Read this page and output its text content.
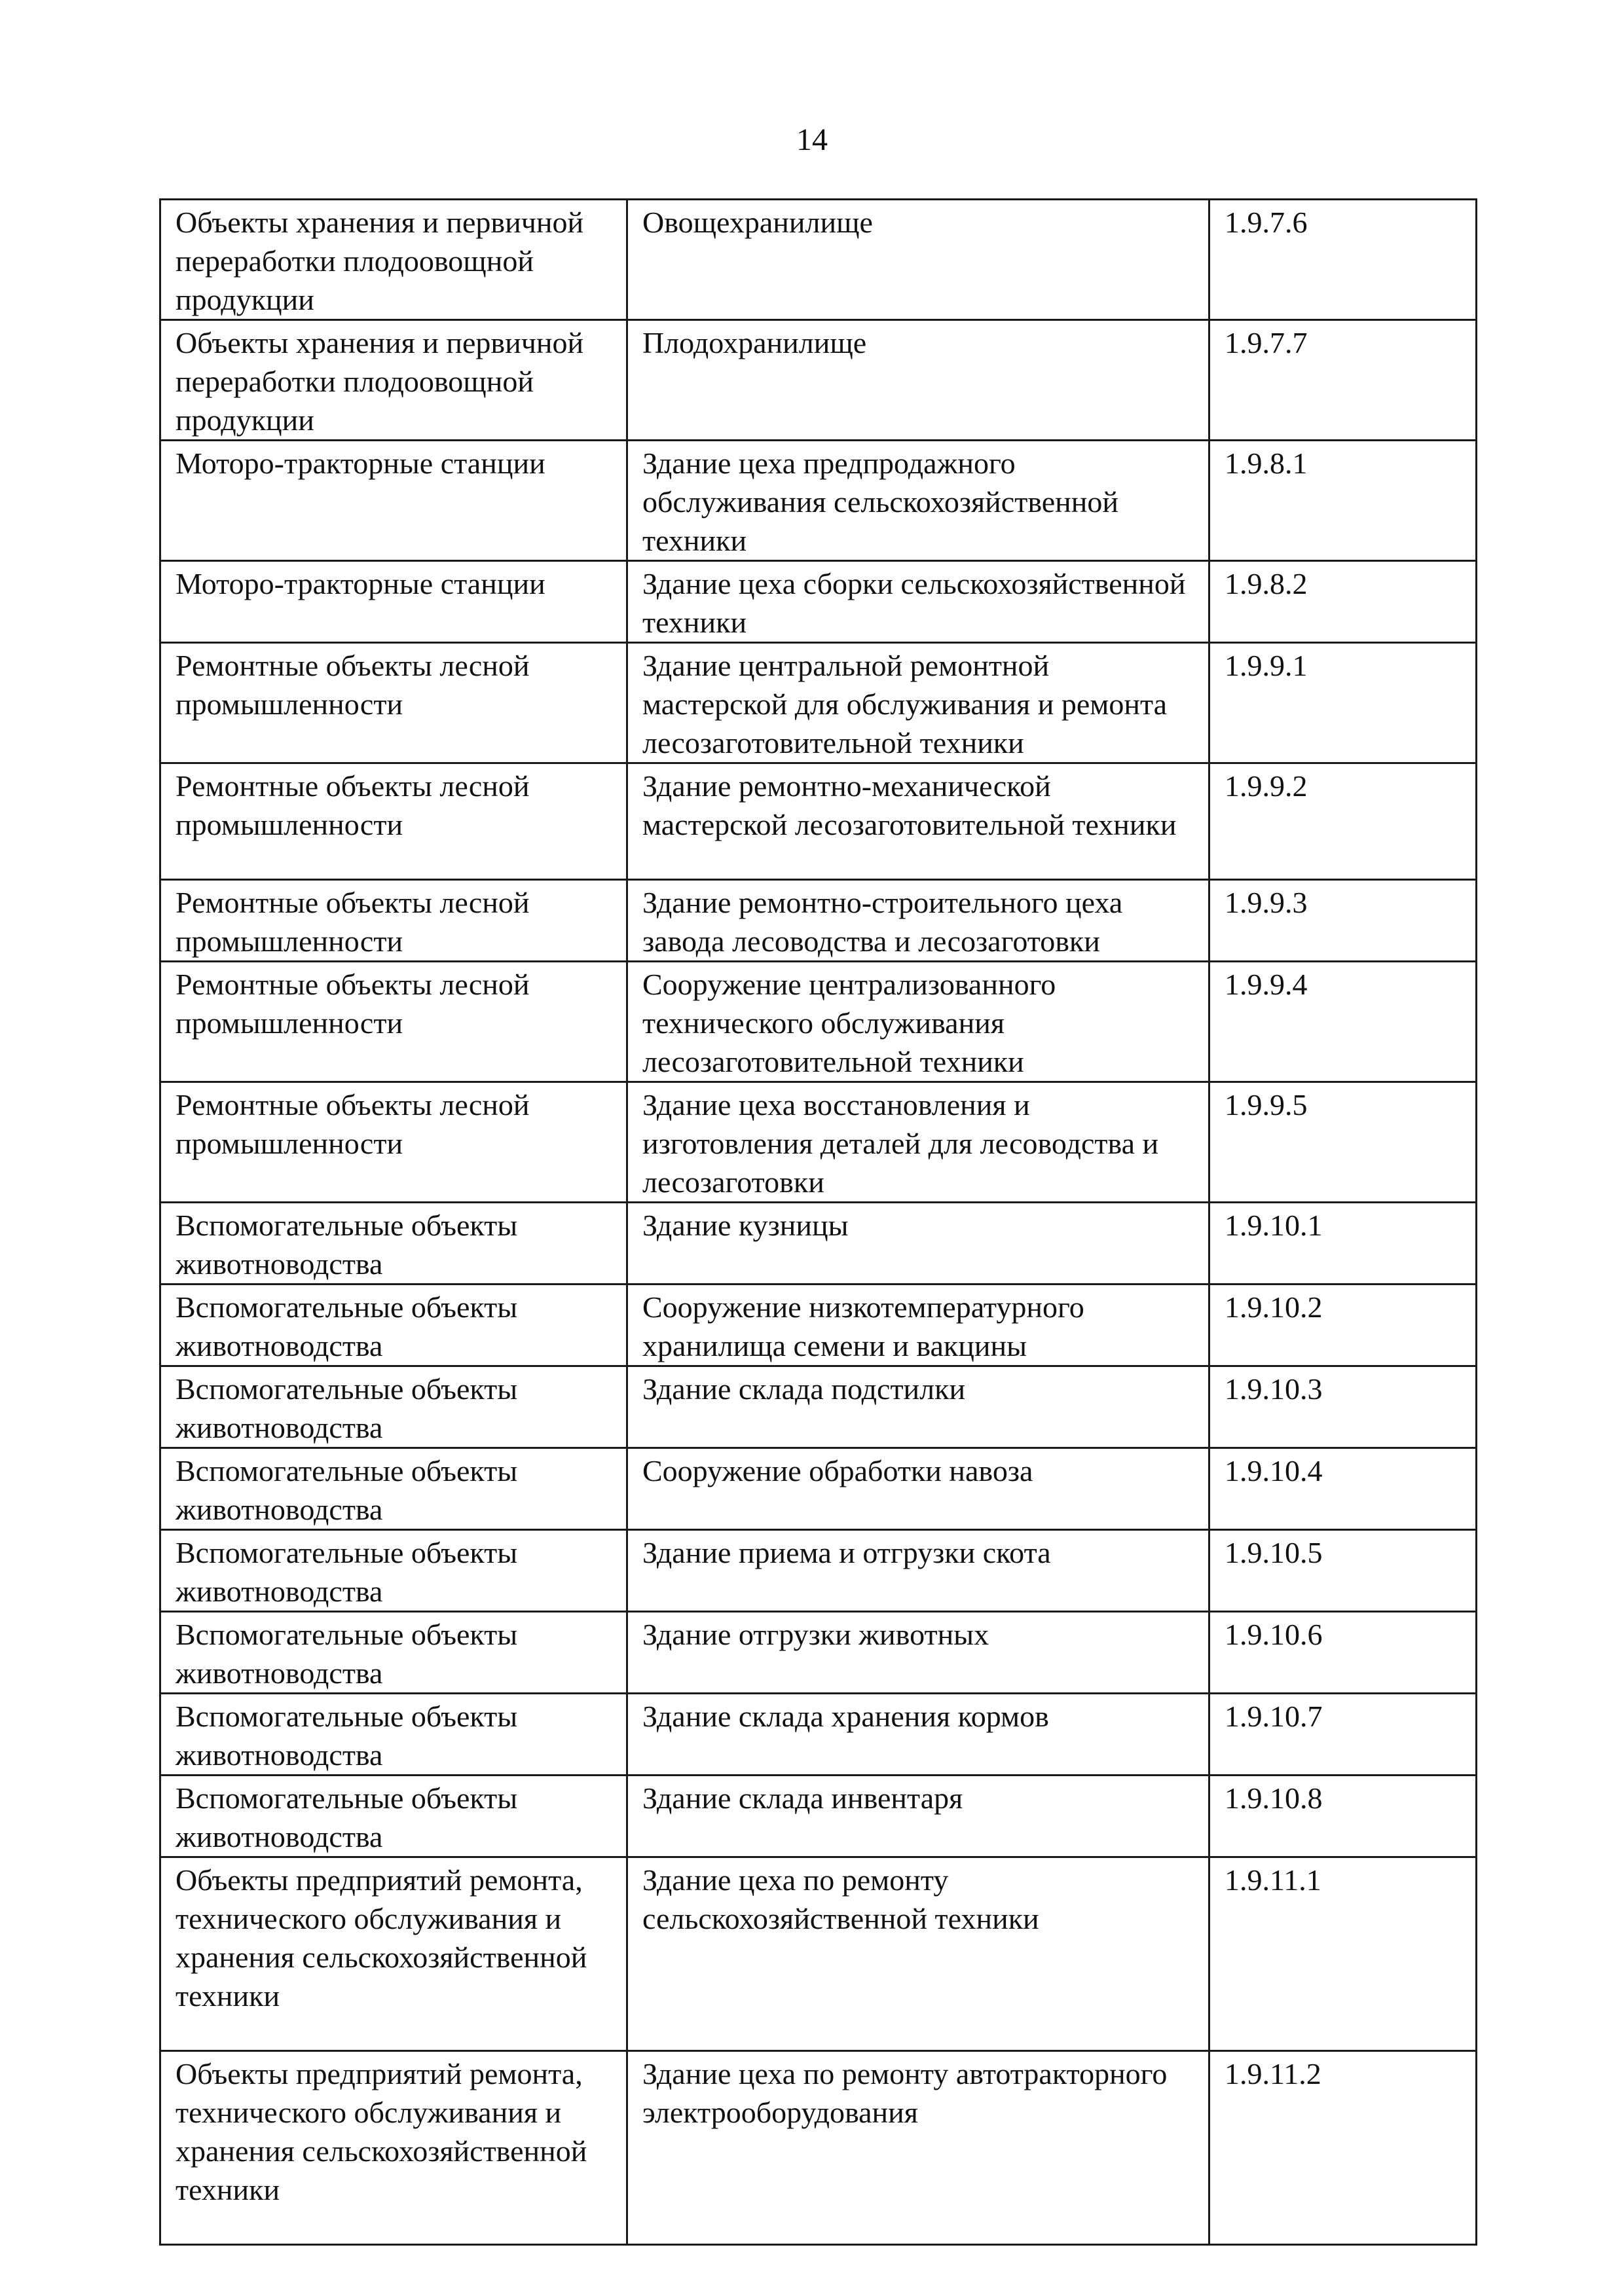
14
Объекты хранения и первичной переработки плодоовощной продукции	Овощехранилище	1.9.7.6
Объекты хранения и первичной переработки плодоовощной продукции	Плодохранилище	1.9.7.7
Моторо-тракторные станции	Здание цеха предпродажного обслуживания сельскохозяйственной техники	1.9.8.1
Моторо-тракторные станции	Здание цеха сборки сельскохозяйственной техники	1.9.8.2
Ремонтные объекты лесной промышленности	Здание центральной ремонтной мастерской для обслуживания и ремонта лесозаготовительной техники	1.9.9.1
Ремонтные объекты лесной промышленности	Здание ремонтно-механической мастерской лесозаготовительной техники	1.9.9.2
Ремонтные объекты лесной промышленности	Здание ремонтно-строительного цеха завода лесоводства и лесозаготовки	1.9.9.3
Ремонтные объекты лесной промышленности	Сооружение централизованного технического обслуживания лесозаготовительной техники	1.9.9.4
Ремонтные объекты лесной промышленности	Здание цеха восстановления и изготовления деталей для лесоводства и лесозаготовки	1.9.9.5
Вспомогательные объекты животноводства	Здание кузницы	1.9.10.1
Вспомогательные объекты животноводства	Сооружение низкотемпературного хранилища семени и вакцины	1.9.10.2
Вспомогательные объекты животноводства	Здание склада подстилки	1.9.10.3
Вспомогательные объекты животноводства	Сооружение обработки навоза	1.9.10.4
Вспомогательные объекты животноводства	Здание приема и отгрузки скота	1.9.10.5
Вспомогательные объекты животноводства	Здание отгрузки животных	1.9.10.6
Вспомогательные объекты животноводства	Здание склада хранения кормов	1.9.10.7
Вспомогательные объекты животноводства	Здание склада инвентаря	1.9.10.8
Объекты предприятий ремонта, технического обслуживания и хранения сельскохозяйственной техники	Здание цеха по ремонту сельскохозяйственной техники	1.9.11.1
Объекты предприятий ремонта, технического обслуживания и хранения сельскохозяйственной техники	Здание цеха по ремонту автотракторного электрооборудования	1.9.11.2
